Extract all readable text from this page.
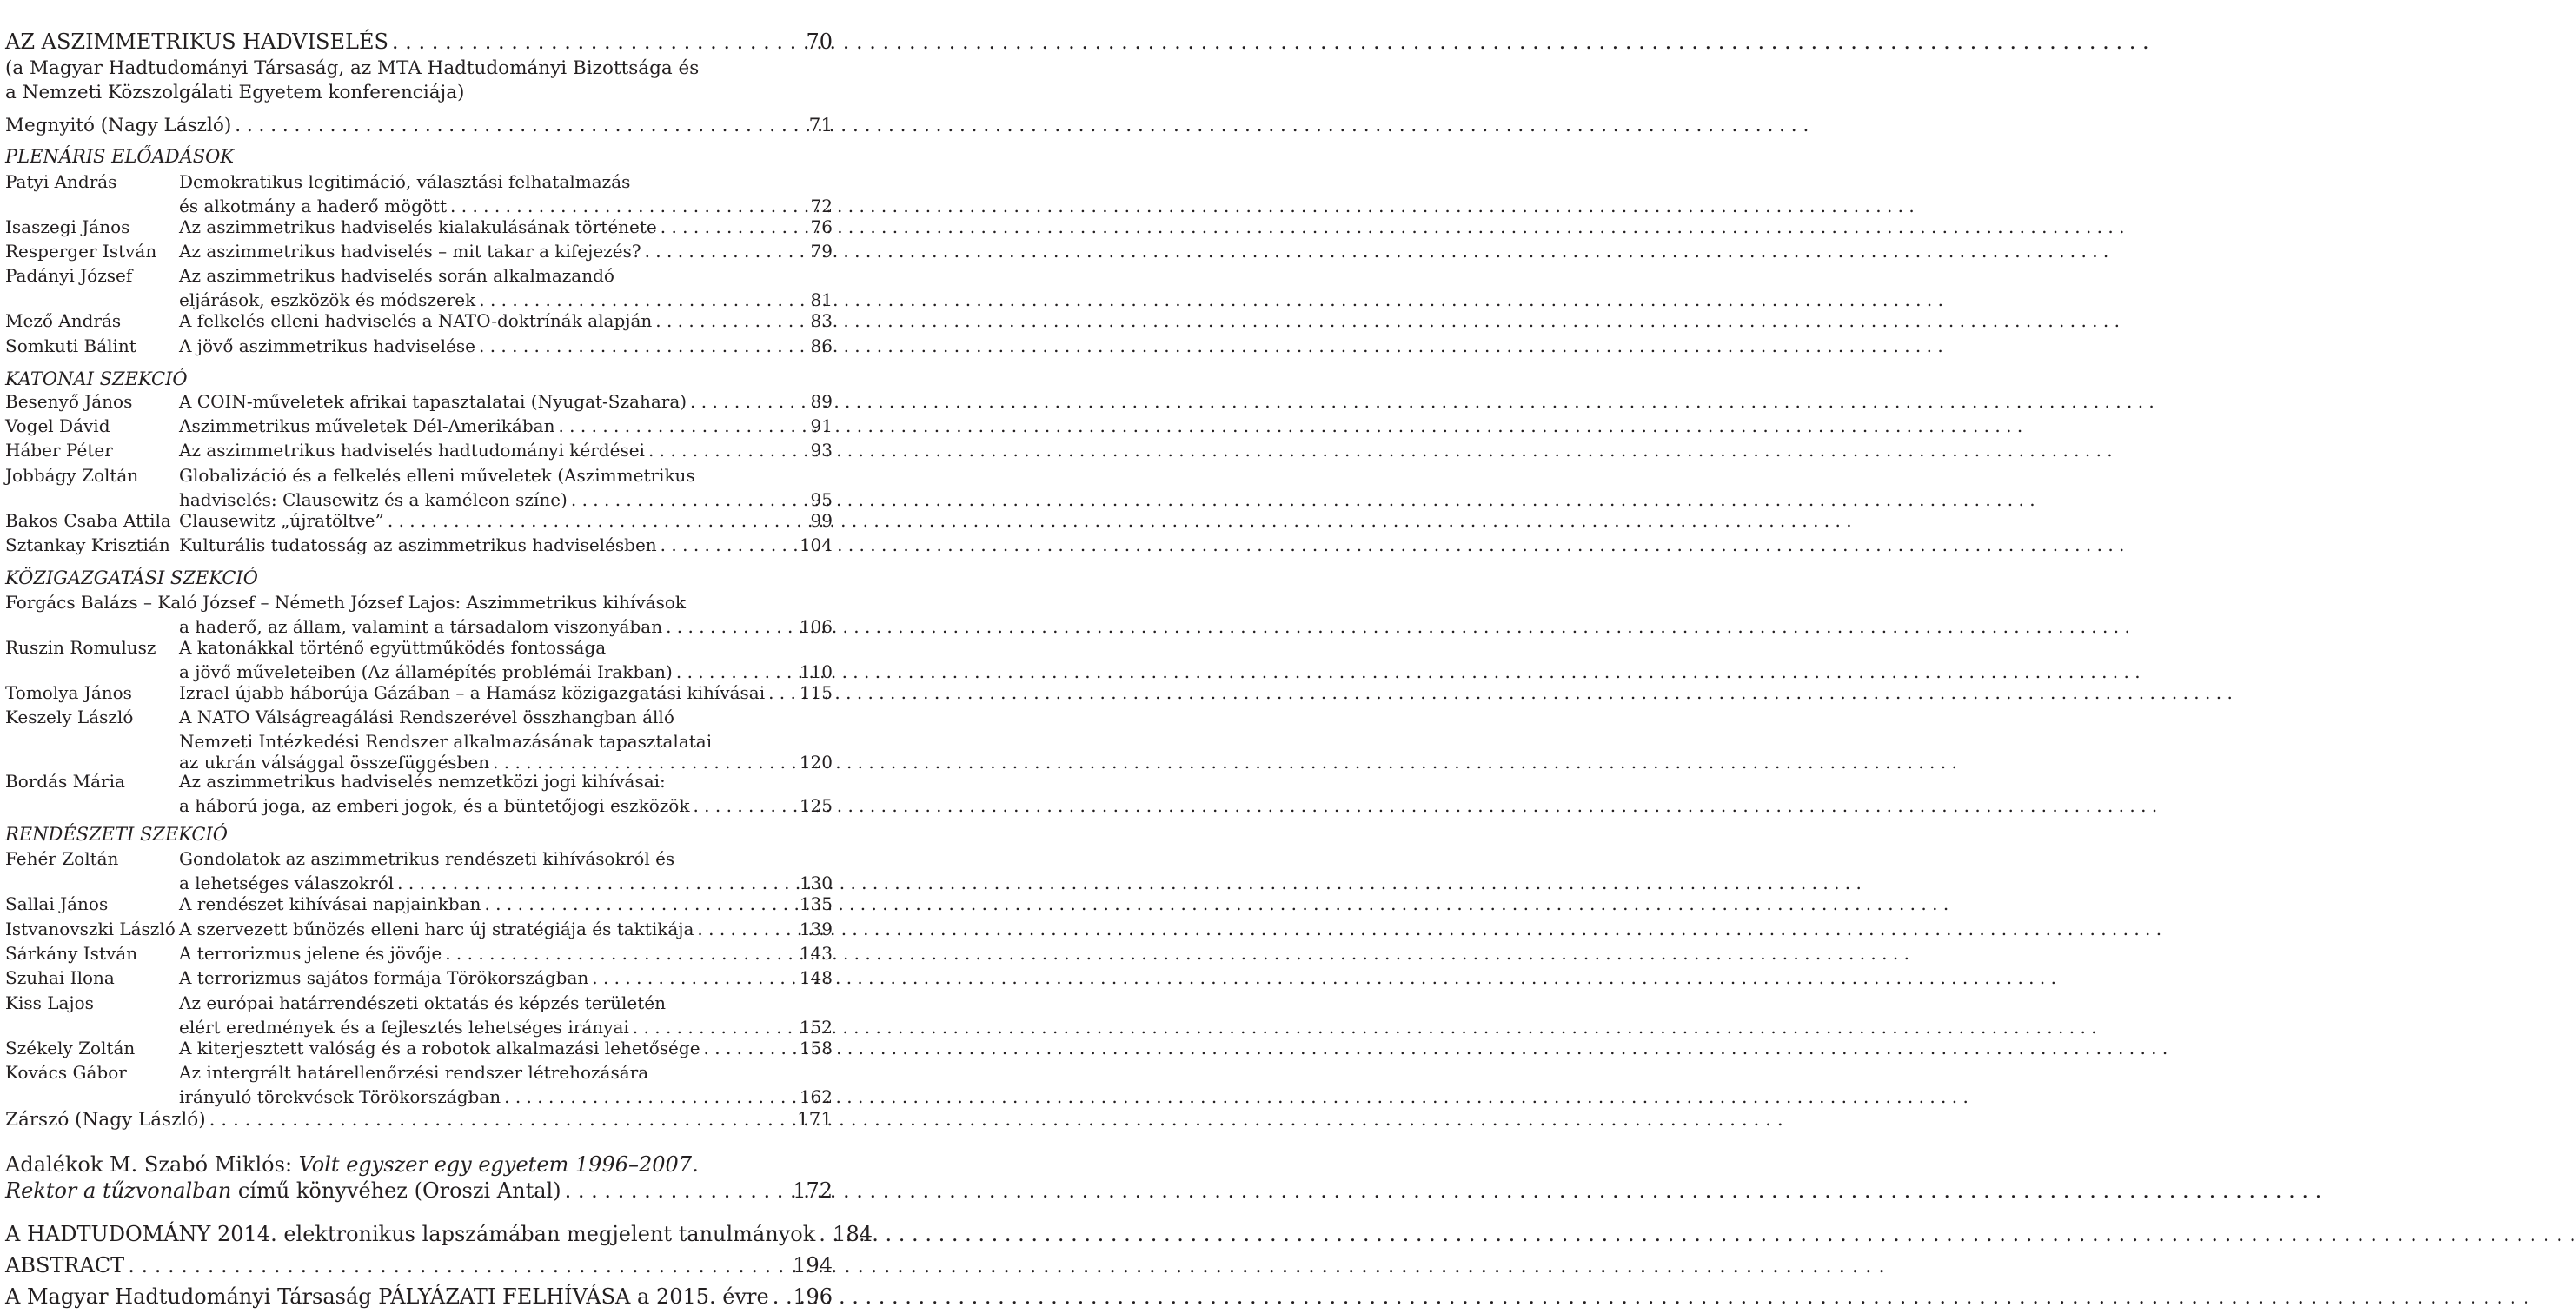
AZ ASZIMMETRIKUS HADVISELÉS . . .	70
(a Magyar Hadtudományi Társaság, az MTA Hadtudományi Bizottsága és
a Nemzeti Közszolgálati Egyetem konferenciája)
Megnyitó (Nagy László) . . .	71
PLENÁRIS ELŐADÁSOK
Patyi András	Demokratikus legitimáció, választási felhatalmazás
és alkotmány a haderő mögött . . .	72
Isaszegi János	Az aszimmetrikus hadviselés kialakulásának története . . .	76
Resperger István	Az aszimmetrikus hadviselés – mit takar a kifejezés? . . .	79
Padányi József	Az aszimmetrikus hadviselés során alkalmazandó
eljárások, eszközök és módszerek . . .	81
Mező András	A felkelés elleni hadviselés a NATO-doktrínák alapján . . .	83
Somkuti Bálint	A jövő aszimmetrikus hadviselése . . .	86
Besenyő János	A COIN-műveletek afrikai tapasztalatai (Nyugat-Szahara) . . .	89
Vogel Dávid	Aszimmetrikus műveletek Dél-Amerikában . . .	91
Háber Péter	Az aszimmetrikus hadviselés hadtudományi kérdései . . .	93
Jobbágy Zoltán	Globalizáció és a felkelés elleni műveletek (Aszimmetrikus
hadviselés: Clausewitz és a kaméleon színe) . . .	95
Bakos Csaba Attila Clausewitz „újratöltve” . . .	99
Sztankay Krisztián Kulturális tudatosság az aszimmetrikus hadviselésben . . .	104
Forgács Balázs – Kaló József – Németh József Lajos: Aszimmetrikus kihívások
a haderő, az állam, valamint a társadalom viszonyában . . .	106
Ruszin Romulusz	A katonákkal történő együttműködés fontossága
a jövő műveleteiben (Az államépítés problémái Irakban) . . .	110
Tomolya János	Izrael újabb háborúja Gázában – a Hamász közigazgatási kihívásai . . . 115
Keszely László	A NATO Válságreagálási Rendszerével összhangban álló
Nemzeti Intézkedési Rendszer alkalmazásának tapasztalatai
az ukrán válsággal összefüggésben . . .	120
Bordás Mária	Az aszimmetrikus hadviselés nemzetközi jogi kihívásai:
a háború joga, az emberi jogok, és a büntetőjogi eszközök . . .	125
Fehér Zoltán	Gondolatok az aszimmetrikus rendészeti kihívásokról és
a lehetséges válaszokról . . .	130
Sallai János	A rendészet kihívásai napjainkban . . .	135
Istvanovszki László A szervezett bűnözés elleni harc új stratégiája és taktikája . . .	139
Sárkány István	A terrorizmus jelene és jövője . . .	143
Szuhai Ilona	A terrorizmus sajátos formája Törökországban . . .	148
Kiss Lajos	Az európai határrendészeti oktatás és képzés területén
elért eredmények és a fejlesztés lehetséges irányai . . .	152
Székely Zoltán	A kiterjesztett valóság és a robotok alkalmazási lehetősége . . .	158
Kovács Gábor	Az intergrált határellenőrzési rendszer létrehozására
irányuló törekvések Törökországban . . .	162
KATONAI SZEKCIÓ
KÖZIGAZGATÁSI SZEKCIÓ
RENDÉSZETI SZEKCIÓ
Zárszó (Nagy László) . . .	171
Adalékok M. Szabó Miklós: Volt egyszer egy egyetem 1996–2007.
Rektor a tűzvonalban című könyvéhez (Oroszi Antal) . . .	172
A HADTUDOMÁNY 2014. elektronikus lapszámában megjelent tanulmányok . . . 184
ABSTRACT . . .	194
A Magyar Hadtudományi Társaság PÁLYÁZATI FELHÍVÁSA a 2015. évre . . . 196
